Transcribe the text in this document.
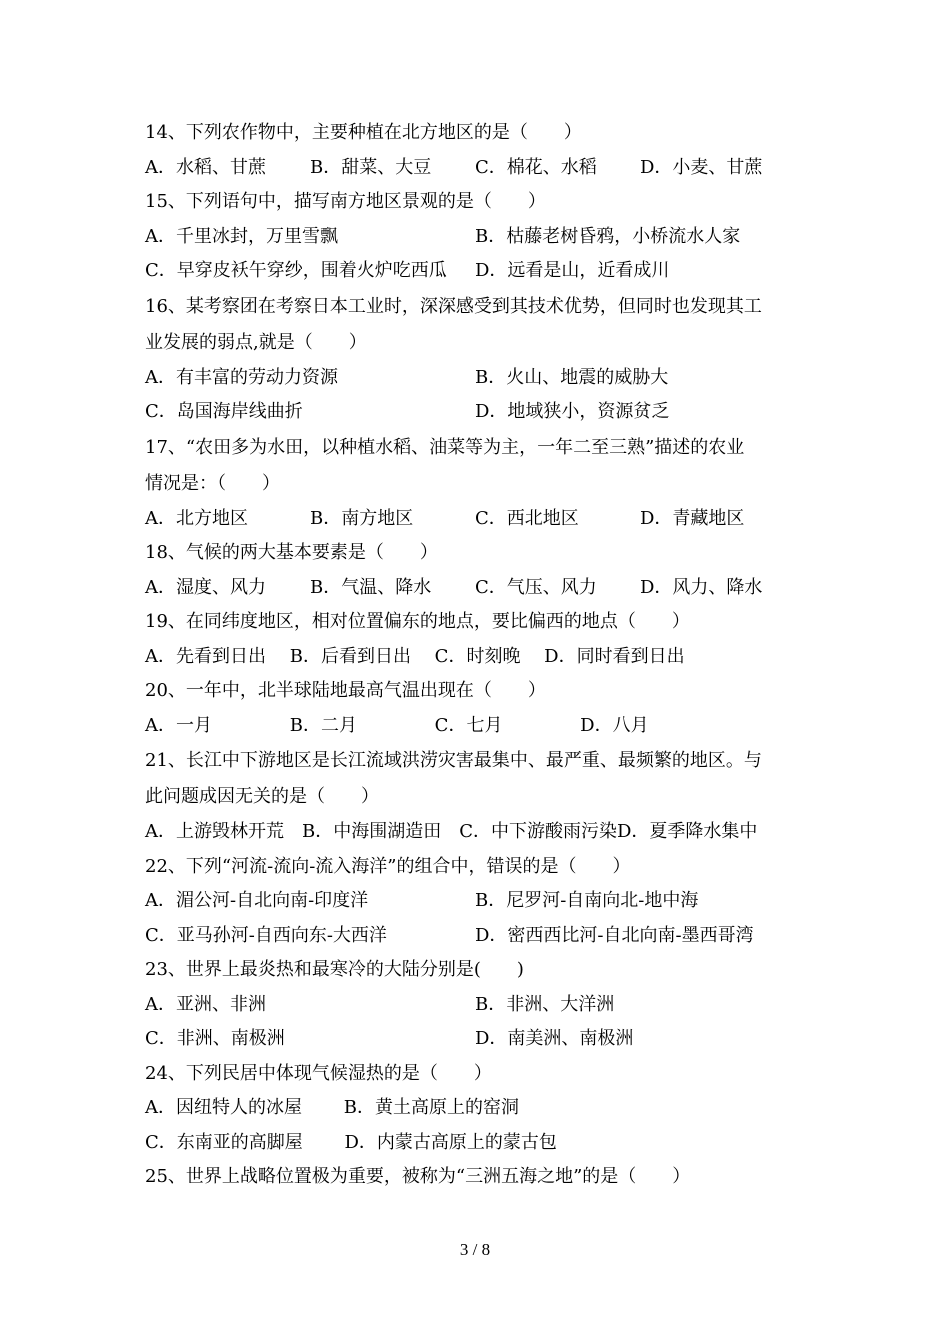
14、下列农作物中，主要种植在北方地区的是（　　）
A．水稻、甘蔗	B．甜菜、大豆	C．棉花、水稻	D．小麦、甘蔗
15、下列语句中，描写南方地区景观的是（　　）
A．千里冰封，万里雪飘	B．枯藤老树昏鸦，小桥流水人家
C．早穿皮袄午穿纱，围着火炉吃西瓜	D．远看是山，近看成川
16、某考察团在考察日本工业时，深深感受到其技术优势，但同时也发现其工
业发展的弱点,就是（　　）
A．有丰富的劳动力资源	B．火山、地震的威胁大
C．岛国海岸线曲折	D．地域狭小，资源贫乏
17、“农田多为水田，以种植水稻、油菜等为主，一年二至三熟”描述的农业
情况是：（　　）
A．北方地区	B．南方地区	C．西北地区	D．青藏地区
18、气候的两大基本要素是（　　）
A．湿度、风力	B．气温、降水	C．气压、风力	D．风力、降水
19、在同纬度地区，相对位置偏东的地点，要比偏西的地点（　　）
A．先看到日出　 B．后看到日出　 C．时刻晚　 D．同时看到日出
20、一年中，北半球陆地最高气温出现在（　　）
A．一月　　　　 B．二月　　　　 C．七月　　　　 D．八月
21、长江中下游地区是长江流域洪涝灾害最集中、最严重、最频繁的地区。与
此问题成因无关的是（　　）
A．上游毁林开荒　B．中海围湖造田　C．中下游酸雨污染D．夏季降水集中
22、下列“河流-流向-流入海洋”的组合中，错误的是（　　）
A．湄公河-自北向南-印度洋	B．尼罗河-自南向北-地中海
C．亚马孙河-自西向东-大西洋	D．密西西比河-自北向南-墨西哥湾
23、世界上最炎热和最寒冷的大陆分别是(　　)
A．亚洲、非洲	B．非洲、大洋洲
C．非洲、南极洲	D．南美洲、南极洲
24、下列民居中体现气候湿热的是（　　）
A．因纽特人的冰屋　　 B．黄土高原上的窑洞
C．东南亚的高脚屋　　 D．内蒙古高原上的蒙古包
25、世界上战略位置极为重要，被称为“三洲五海之地”的是（　　）
3 / 8
